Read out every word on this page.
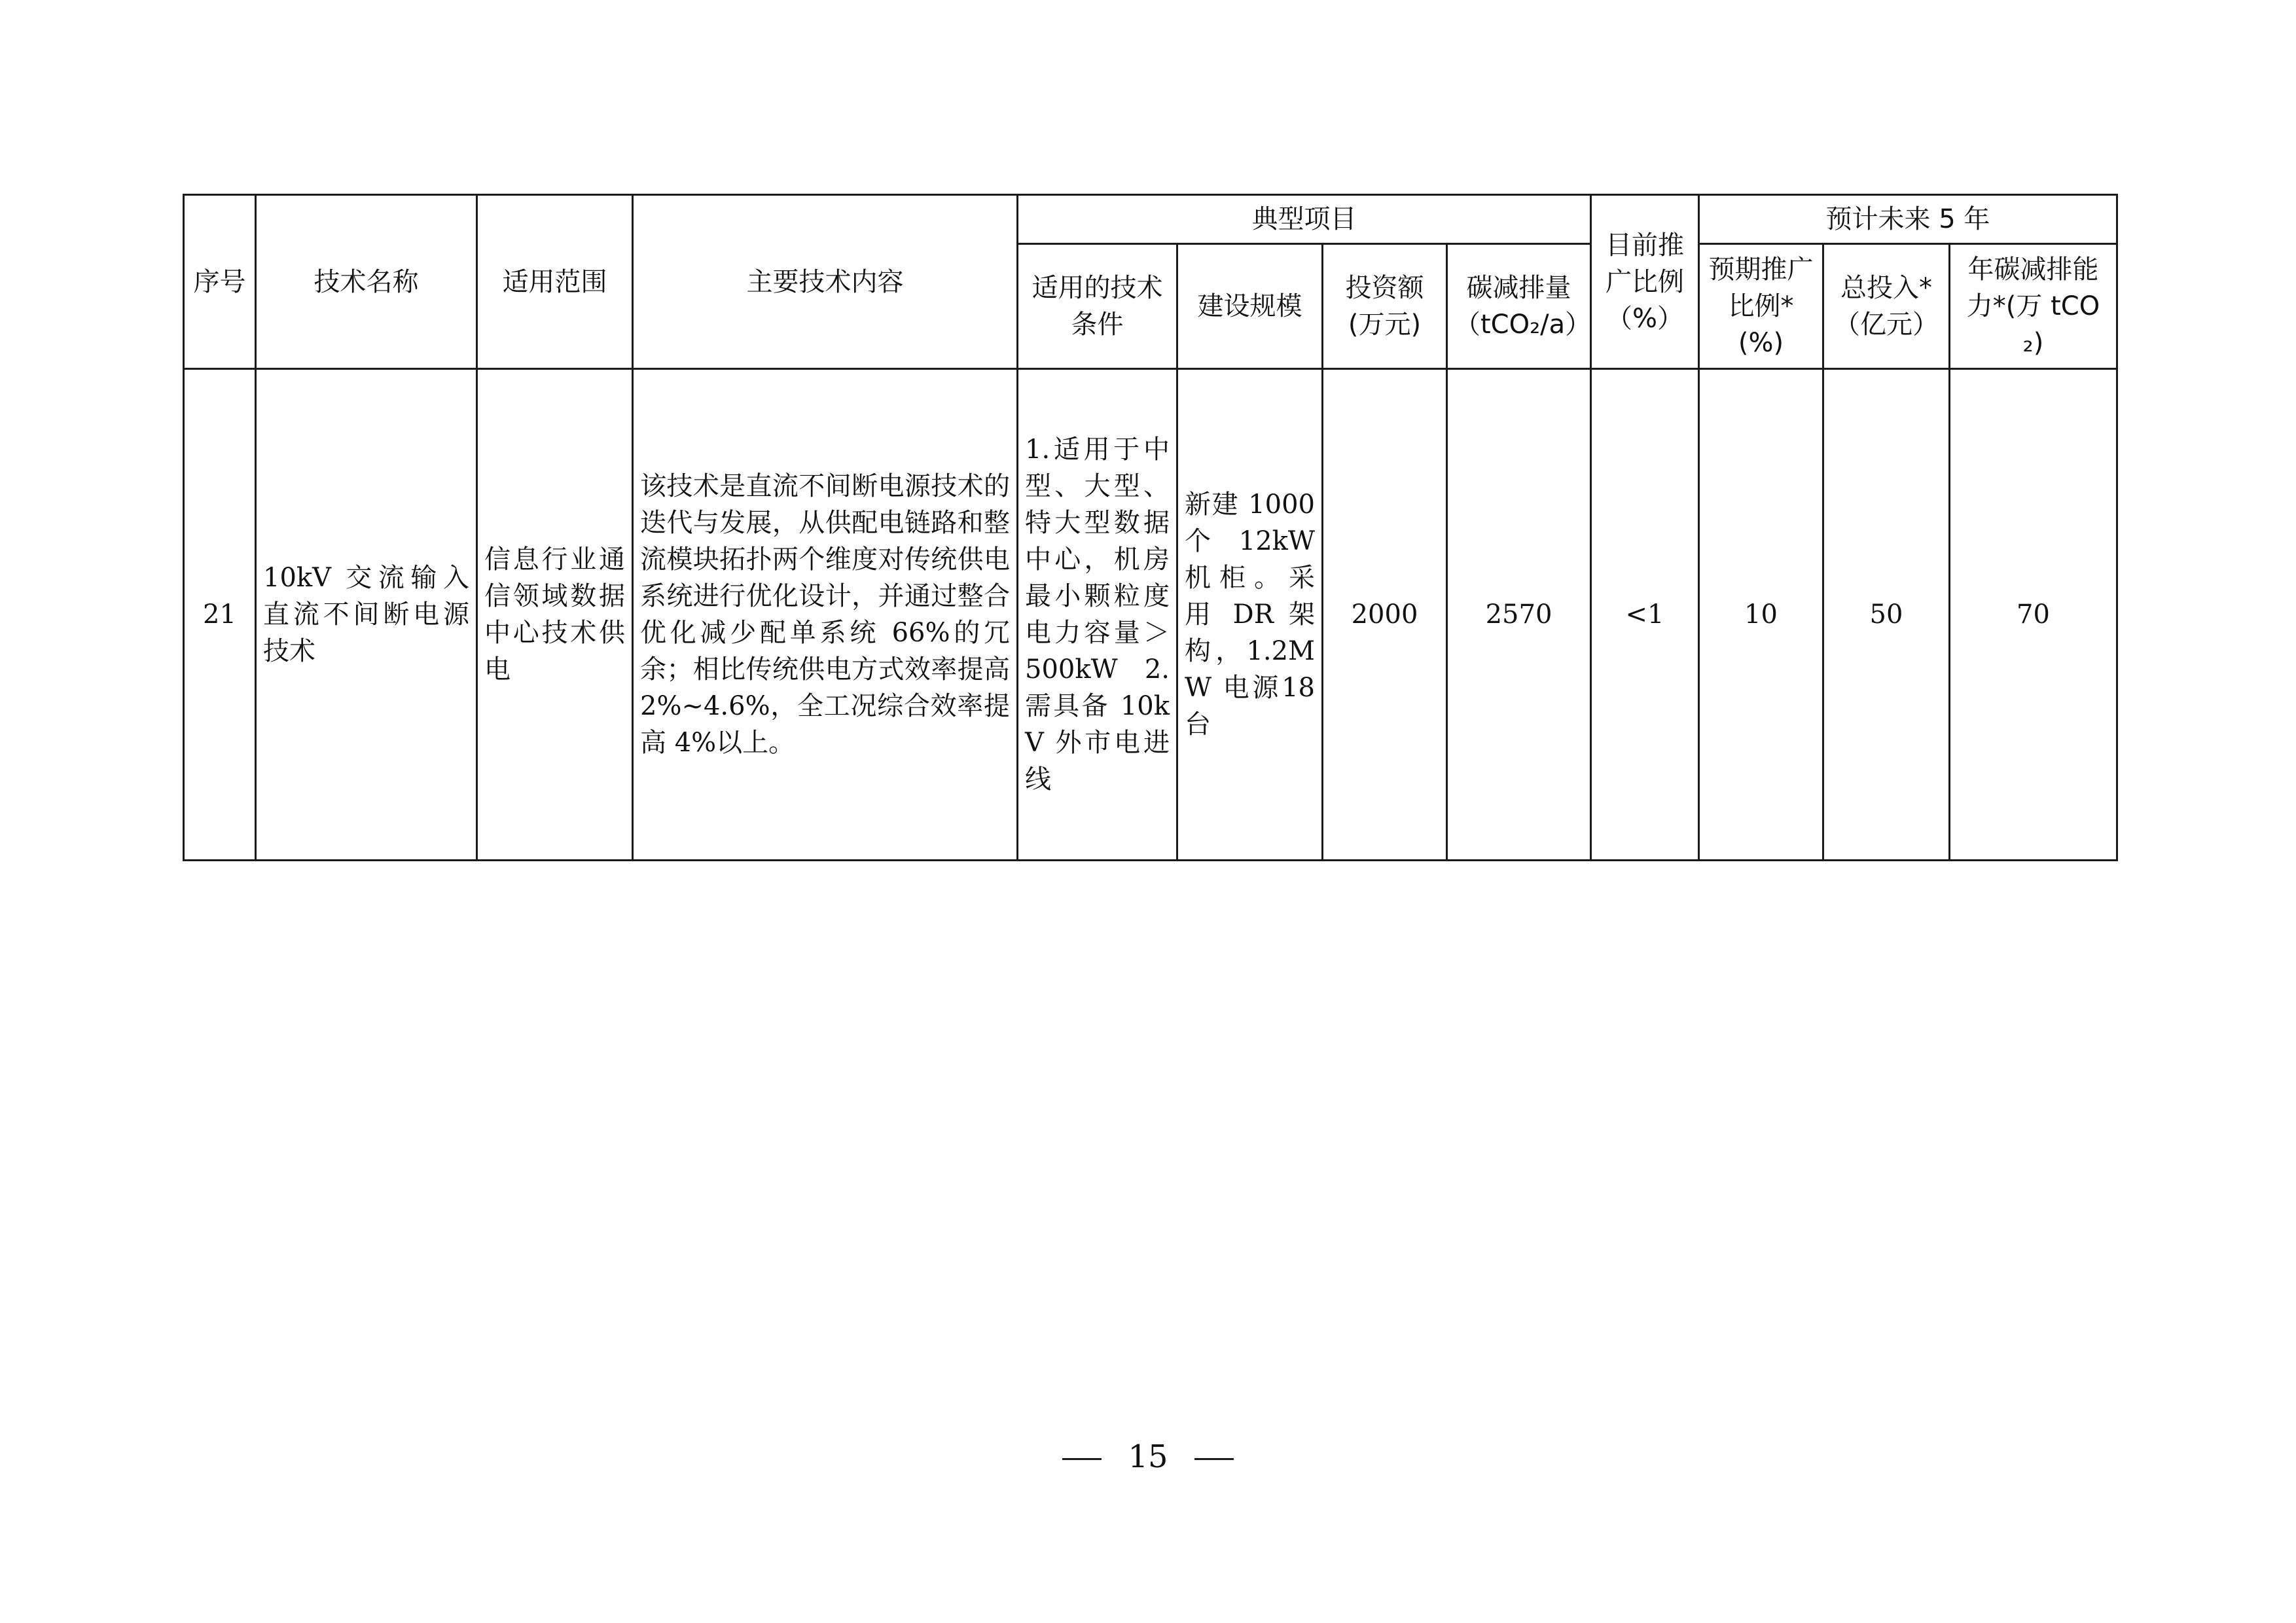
序号	技术名称	适用范围	主要技术内容	典型项目				目前推广比例（%）	预计未来 5 年		
				适用的技术条件	建设规模	投资额(万元)	碳减排量（tCO₂/a）		预期推广比例*(%)	总投入*（亿元）	年碳减排能力*(万 tCO₂)
21	10kV 交流输入直流不间断电源技术	信息行业通信领域数据中心技术供电	该技术是直流不间断电源技术的迭代与发展，从供配电链路和整流模块拓扑两个维度对传统供电系统进行优化设计，并通过整合优化减少配单系统 66%的冗余；相比传统供电方式效率提高 2%~4.6%，全工况综合效率提高 4%以上。	1.适用于中型、大型、特大型数据中心，机房最小颗粒度电力容量＞500kW 2.需具备 10kV 外市电进线	新建 1000 个 12kW 机柜。采用 DR 架构，1.2MW 电源18 台	2000	2570	<1	10	50	70
15
